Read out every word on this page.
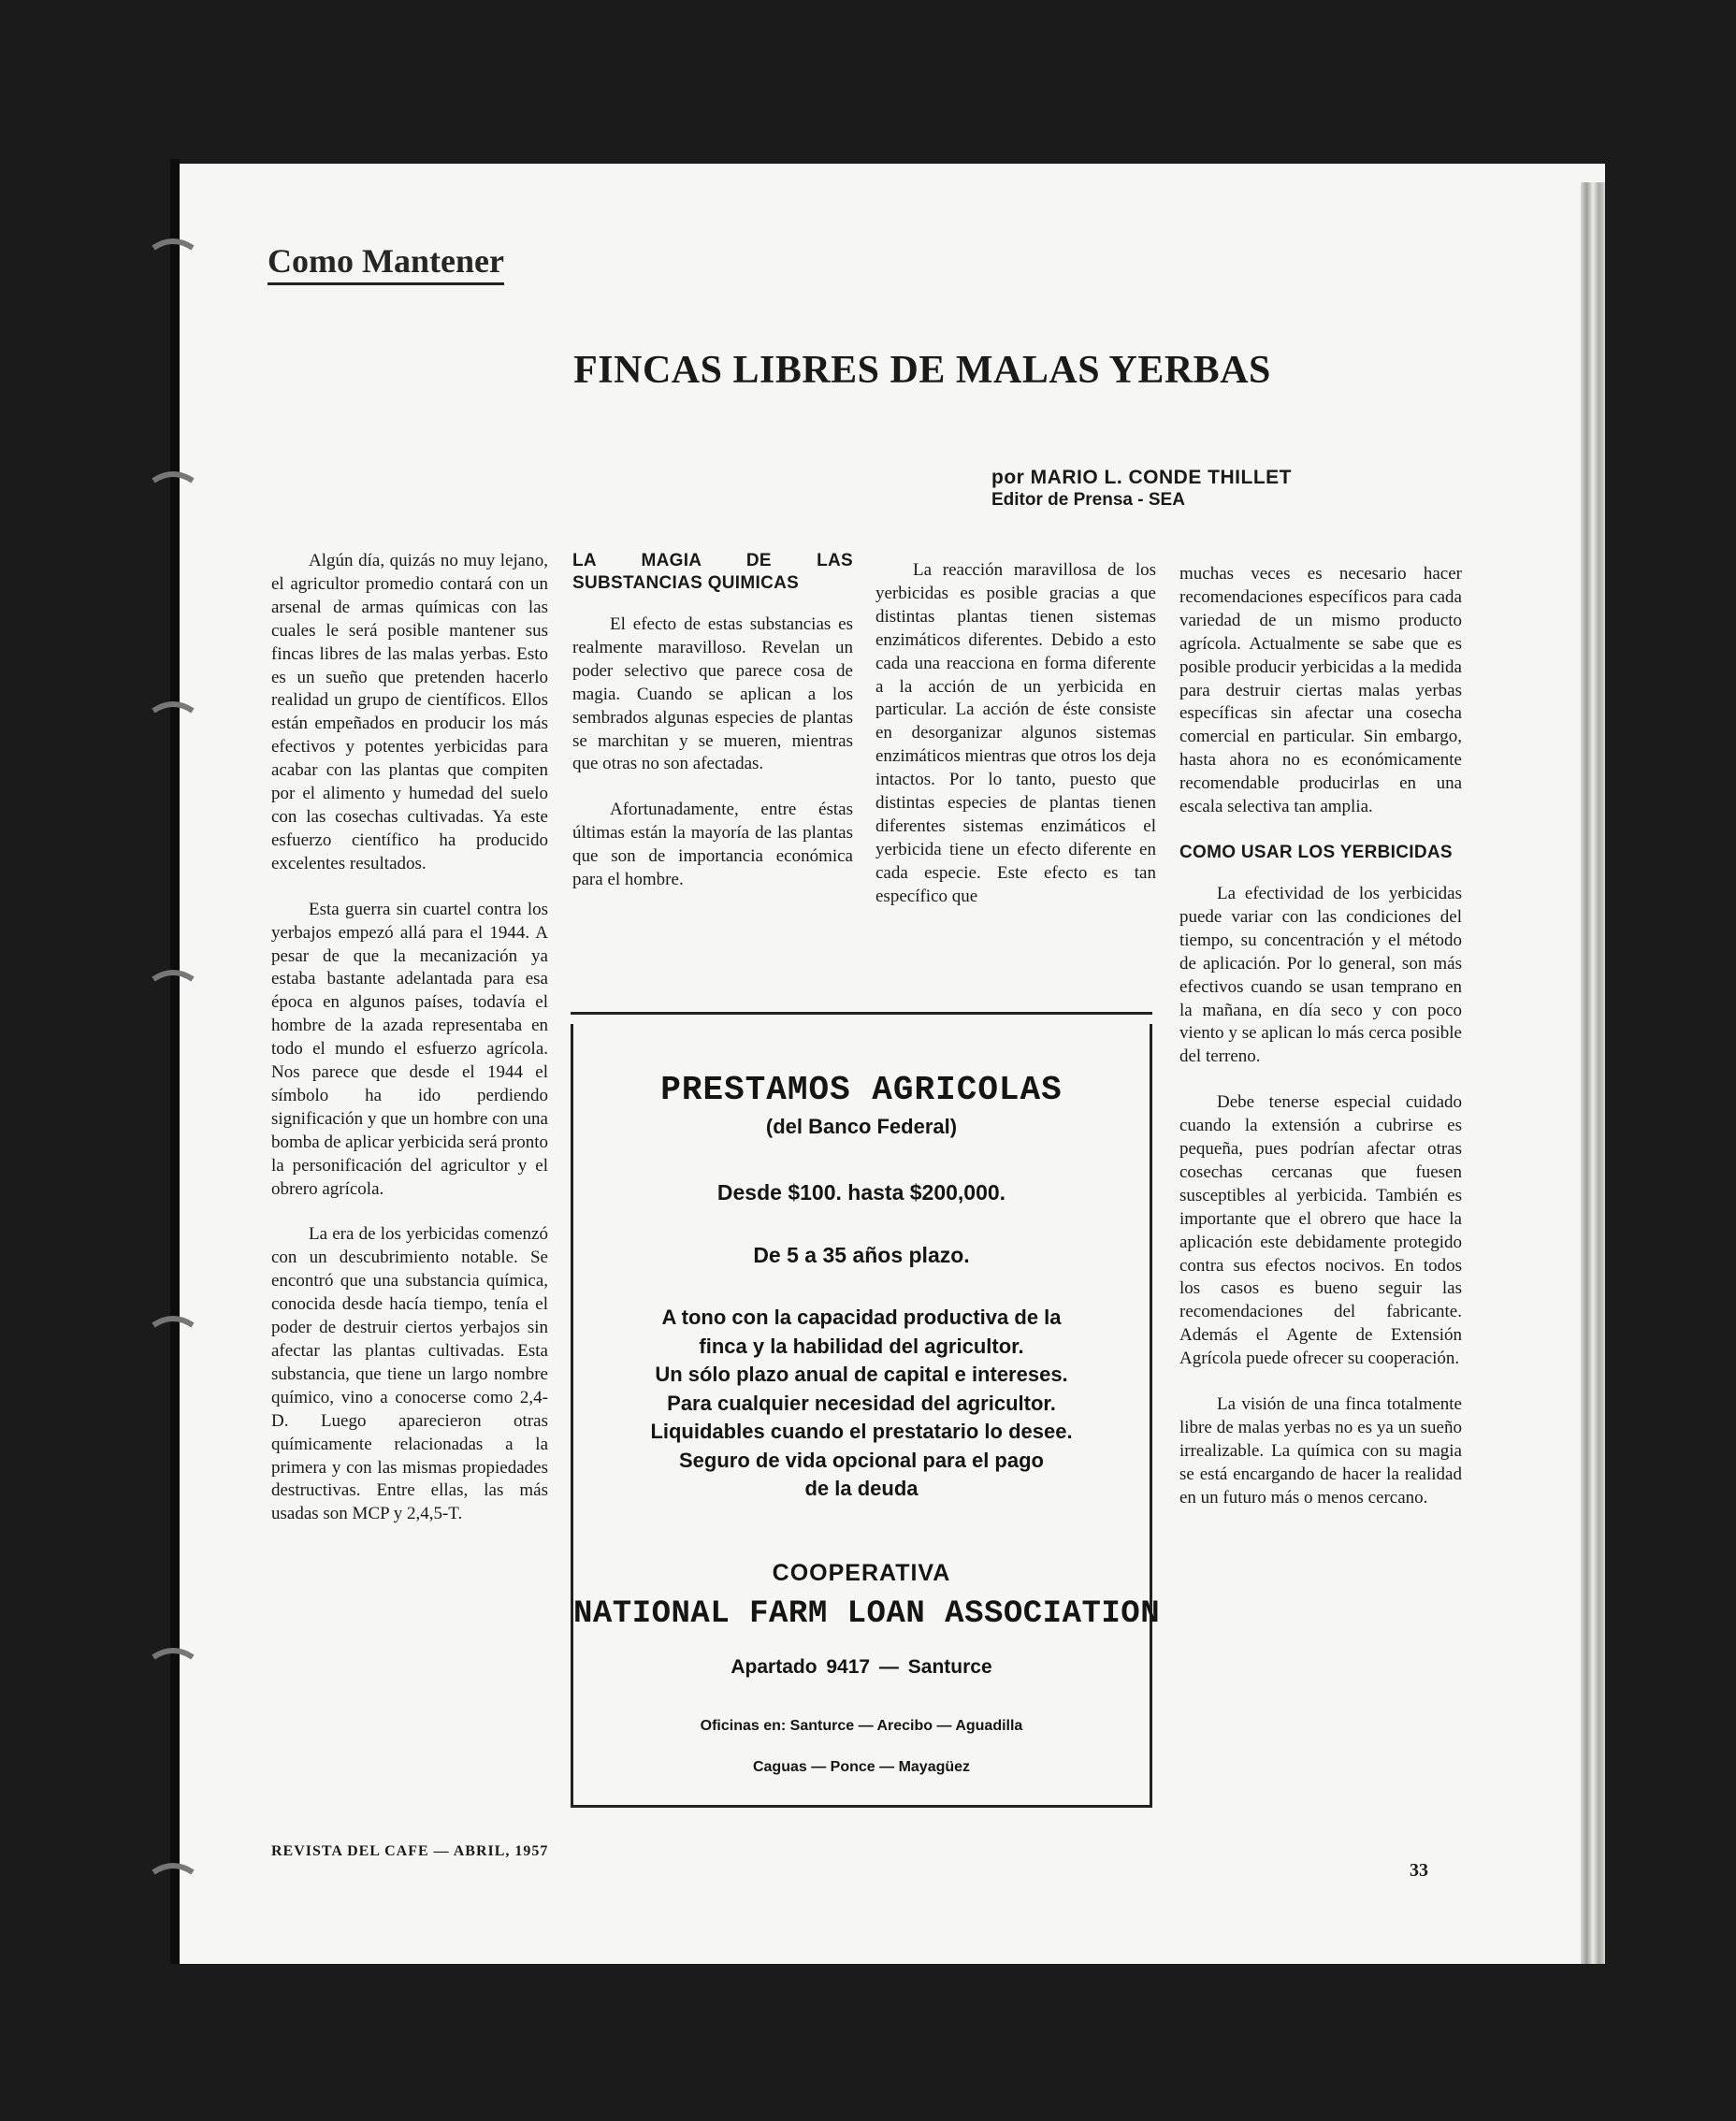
Como Mantener
FINCAS LIBRES DE MALAS YERBAS
por MARIO L. CONDE THILLET
Editor de Prensa - SEA

Algún día, quizás no muy lejano, el agricultor promedio contará con un arsenal de armas químicas con las cuales le será posible mantener sus fincas libres de las malas yerbas. Esto es un sueño que pretenden hacerlo realidad un grupo de científicos. Ellos están empeñados en producir los más efectivos y potentes yerbicidas para acabar con las plantas que compiten por el alimento y humedad del suelo con las cosechas cultivadas. Ya este esfuerzo científico ha producido excelentes resultados.

Esta guerra sin cuartel contra los yerbajos empezó allá para el 1944. A pesar de que la mecanización ya estaba bastante adelantada para esa época en algunos países, todavía el hombre de la azada representaba en todo el mundo el esfuerzo agrícola. Nos parece que desde el 1944 el símbolo ha ido perdiendo significación y que un hombre con una bomba de aplicar yerbicida será pronto la personificación del agricultor y el obrero agrícola.

La era de los yerbicidas comenzó con un descubrimiento notable. Se encontró que una substancia química, conocida desde hacía tiempo, tenía el poder de destruir ciertos yerbajos sin afectar las plantas cultivadas. Esta substancia, que tiene un largo nombre químico, vino a conocerse como 2,4-D. Luego aparecieron otras químicamente relacionadas a la primera y con las mismas propiedades destructivas. Entre ellas, las más usadas son MCP y 2,4,5-T.

LA MAGIA DE LAS SUBSTANCIAS QUIMICAS

El efecto de estas substancias es realmente maravilloso. Revelan un poder selectivo que parece cosa de magia. Cuando se aplican a los sembrados algunas especies de plantas se marchitan y se mueren, mientras que otras no son afectadas.

Afortunadamente, entre éstas últimas están la mayoría de las plantas que son de importancia económica para el hombre.

La reacción maravillosa de los yerbicidas es posible gracias a que distintas plantas tienen sistemas enzimáticos diferentes. Debido a esto cada una reacciona en forma diferente a la acción de un yerbicida en particular. La acción de éste consiste en desorganizar algunos sistemas enzimáticos mientras que otros los deja intactos. Por lo tanto, puesto que distintas especies de plantas tienen diferentes sistemas enzimáticos el yerbicida tiene un efecto diferente en cada especie. Este efecto es tan específico que

muchas veces es necesario hacer recomendaciones específicos para cada variedad de un mismo producto agrícola. Actualmente se sabe que es posible producir yerbicidas a la medida para destruir ciertas malas yerbas específicas sin afectar una cosecha comercial en particular. Sin embargo, hasta ahora no es económicamente recomendable producirlas en una escala selectiva tan amplia.

COMO USAR LOS YERBICIDAS

La efectividad de los yerbicidas puede variar con las condiciones del tiempo, su concentración y el método de aplicación. Por lo general, son más efectivos cuando se usan temprano en la mañana, en día seco y con poco viento y se aplican lo más cerca posible del terreno.

Debe tenerse especial cuidado cuando la extensión a cubrirse es pequeña, pues podrían afectar otras cosechas cercanas que fuesen susceptibles al yerbicida. También es importante que el obrero que hace la aplicación este debidamente protegido contra sus efectos nocivos. En todos los casos es bueno seguir las recomendaciones del fabricante. Además el Agente de Extensión Agrícola puede ofrecer su cooperación.

La visión de una finca totalmente libre de malas yerbas no es ya un sueño irrealizable. La química con su magia se está encargando de hacer la realidad en un futuro más o menos cercano.

PRESTAMOS AGRICOLAS
(del Banco Federal)
Desde $100. hasta $200,000.
De 5 a 35 años plazo.
A tono con la capacidad productiva de la
finca y la habilidad del agricultor.
Un sólo plazo anual de capital e intereses.
Para cualquier necesidad del agricultor.
Liquidables cuando el prestatario lo desee.
Seguro de vida opcional para el pago
de la deuda
COOPERATIVA
NATIONAL FARM LOAN ASSOCIATION
Apartado 9417 — Santurce
Oficinas en: Santurce — Arecibo — Aguadilla
Caguas — Ponce — Mayagüez
REVISTA DEL CAFE — ABRIL, 1957
33
